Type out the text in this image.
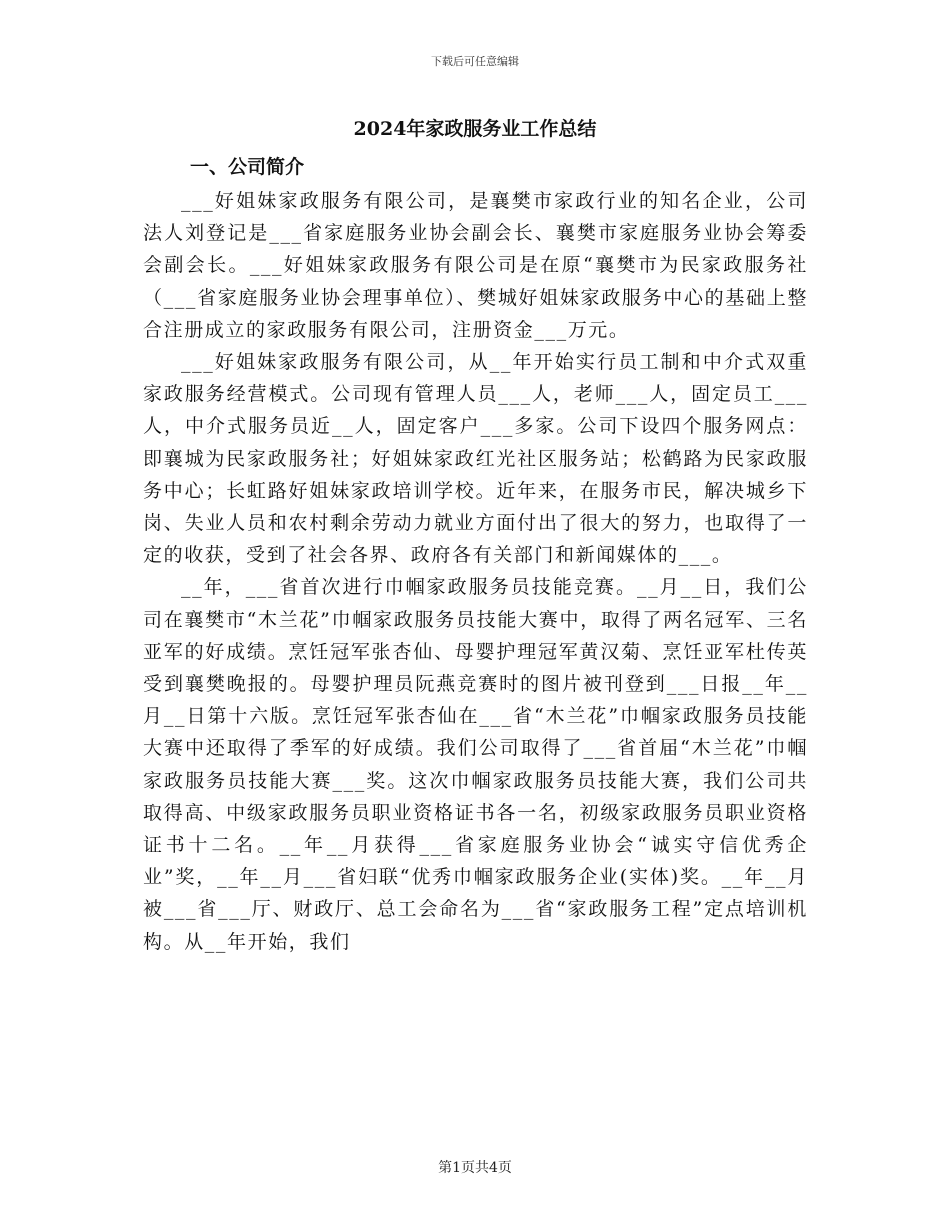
下载后可任意编辑
2024年家政服务业工作总结
一、公司简介

___好姐妹家政服务有限公司，是襄樊市家政行业的知名企业，公司法人刘登记是___省家庭服务业协会副会长、襄樊市家庭服务业协会筹委会副会长。___好姐妹家政服务有限公司是在原“襄樊市为民家政服务社（___省家庭服务业协会理事单位）、樊城好姐妹家政服务中心的基础上整合注册成立的家政服务有限公司，注册资金___万元。

___好姐妹家政服务有限公司，从__年开始实行员工制和中介式双重家政服务经营模式。公司现有管理人员___人，老师___人，固定员工___人，中介式服务员近__人，固定客户___多家。公司下设四个服务网点：即襄城为民家政服务社；好姐妹家政红光社区服务站；松鹤路为民家政服务中心；长虹路好姐妹家政培训学校。近年来，在服务市民，解决城乡下岗、失业人员和农村剩余劳动力就业方面付出了很大的努力，也取得了一定的收获，受到了社会各界、政府各有关部门和新闻媒体的___。

__年，___省首次进行巾帼家政服务员技能竞赛。__月__日，我们公司在襄樊市“木兰花”巾帼家政服务员技能大赛中，取得了两名冠军、三名亚军的好成绩。烹饪冠军张杏仙、母婴护理冠军黄汉菊、烹饪亚军杜传英受到襄樊晚报的。母婴护理员阮燕竞赛时的图片被刊登到___日报__年__月__日第十六版。烹饪冠军张杏仙在___省“木兰花”巾帼家政服务员技能大赛中还取得了季军的好成绩。我们公司取得了___省首届“木兰花”巾帼家政服务员技能大赛___奖。这次巾帼家政服务员技能大赛，我们公司共取得高、中级家政服务员职业资格证书各一名，初级家政服务员职业资格证书十二名。__年__月获得___省家庭服务业协会“诚实守信优秀企业”奖，__年__月___省妇联“优秀巾帼家政服务企业(实体)奖。__年__月被___省___厅、财政厅、总工会命名为___省“家政服务工程”定点培训机构。从__年开始，我们

第1页共4页
